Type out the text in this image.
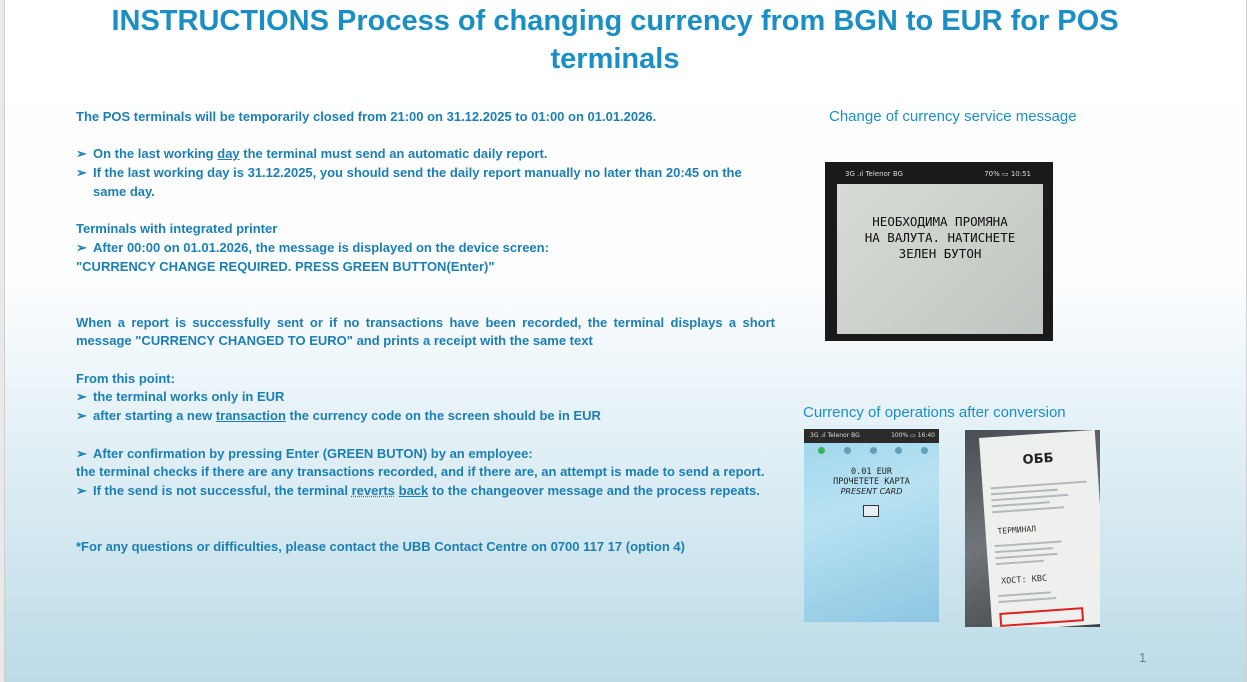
INSTRUCTIONS Process of changing currency from BGN to EUR for POS terminals

The POS terminals will be temporarily closed from 21:00 on 31.12.2025 to 01:00 on 01.01.2026.

➢ On the last working day the terminal must send an automatic daily report.
➢ If the last working day is 31.12.2025, you should send the daily report manually no later than 20:45 on the same day.

Terminals with integrated printer

➢ After 00:00 on 01.01.2026, the message is displayed on the device screen:

"CURRENCY CHANGE REQUIRED. PRESS GREEN BUTTON(Enter)"

When a report is successfully sent or if no transactions have been recorded, the terminal displays a short message "CURRENCY CHANGED TO EURO" and prints a receipt with the same text

From this point:

➢ the terminal works only in EUR
➢ after starting a new transaction the currency code on the screen should be in EUR
➢ After confirmation by pressing Enter (GREEN BUTON) by an employee:

the terminal checks if there are any transactions recorded, and if there are, an attempt is made to send a report.

➢ If the send is not successful, the terminal reverts back to the changeover message and the process repeats.

*For any questions or difficulties, please contact the UBB Contact Centre on 0700 117 17 (option 4)

Change of currency service message
3G .ıl Telenor BG	70% ▭ 10:51
НЕОБХОДИМА ПРОМЯНА
НА ВАЛУТА. НАТИСНЕТЕ
ЗЕЛЕН БУТОН
Currency of operations after conversion
3G .ıl Telenor BG	100% ▭ 16:40
0.01 EUR
ПРОЧЕТЕТЕ КАРТА
PRESENT CARD
ОББ
ТЕРМИНАЛ
ХОСТ: КВС
1
